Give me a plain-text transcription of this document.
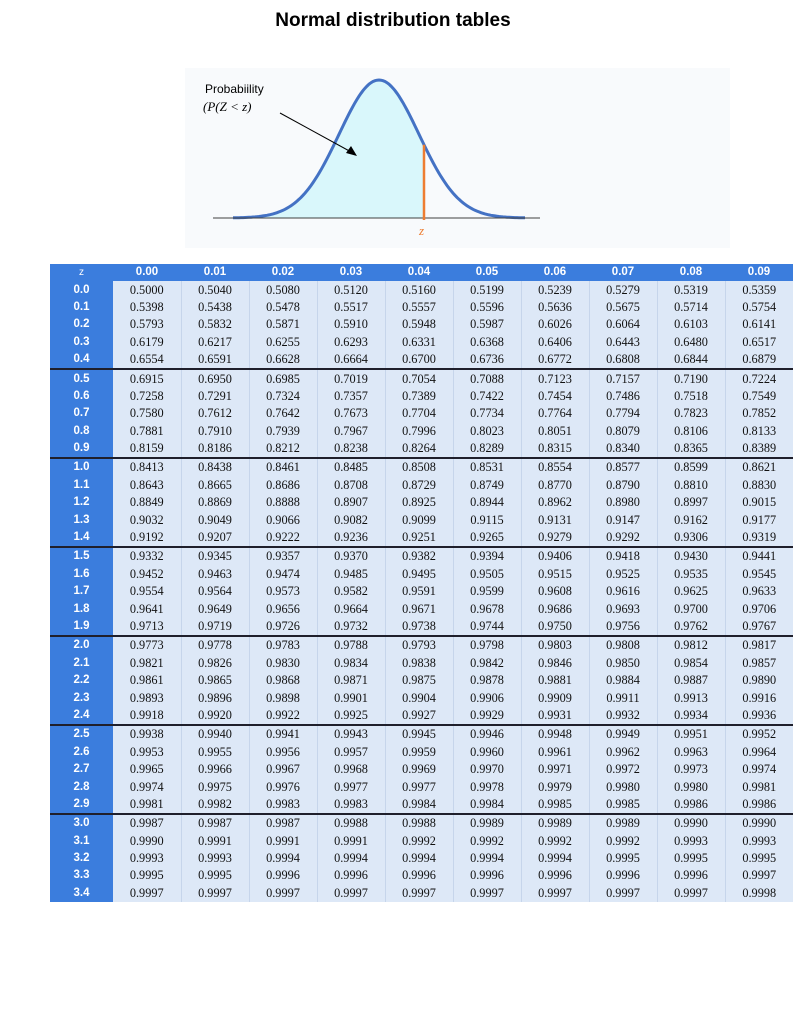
Normal distribution tables
Probabiility
(P(Z < z)
z
z	0.00	0.01	0.02	0.03	0.04	0.05	0.06	0.07	0.08	0.09
0.0	0.5000	0.5040	0.5080	0.5120	0.5160	0.5199	0.5239	0.5279	0.5319	0.5359
0.1	0.5398	0.5438	0.5478	0.5517	0.5557	0.5596	0.5636	0.5675	0.5714	0.5754
0.2	0.5793	0.5832	0.5871	0.5910	0.5948	0.5987	0.6026	0.6064	0.6103	0.6141
0.3	0.6179	0.6217	0.6255	0.6293	0.6331	0.6368	0.6406	0.6443	0.6480	0.6517
0.4	0.6554	0.6591	0.6628	0.6664	0.6700	0.6736	0.6772	0.6808	0.6844	0.6879
0.5	0.6915	0.6950	0.6985	0.7019	0.7054	0.7088	0.7123	0.7157	0.7190	0.7224
0.6	0.7258	0.7291	0.7324	0.7357	0.7389	0.7422	0.7454	0.7486	0.7518	0.7549
0.7	0.7580	0.7612	0.7642	0.7673	0.7704	0.7734	0.7764	0.7794	0.7823	0.7852
0.8	0.7881	0.7910	0.7939	0.7967	0.7996	0.8023	0.8051	0.8079	0.8106	0.8133
0.9	0.8159	0.8186	0.8212	0.8238	0.8264	0.8289	0.8315	0.8340	0.8365	0.8389
1.0	0.8413	0.8438	0.8461	0.8485	0.8508	0.8531	0.8554	0.8577	0.8599	0.8621
1.1	0.8643	0.8665	0.8686	0.8708	0.8729	0.8749	0.8770	0.8790	0.8810	0.8830
1.2	0.8849	0.8869	0.8888	0.8907	0.8925	0.8944	0.8962	0.8980	0.8997	0.9015
1.3	0.9032	0.9049	0.9066	0.9082	0.9099	0.9115	0.9131	0.9147	0.9162	0.9177
1.4	0.9192	0.9207	0.9222	0.9236	0.9251	0.9265	0.9279	0.9292	0.9306	0.9319
1.5	0.9332	0.9345	0.9357	0.9370	0.9382	0.9394	0.9406	0.9418	0.9430	0.9441
1.6	0.9452	0.9463	0.9474	0.9485	0.9495	0.9505	0.9515	0.9525	0.9535	0.9545
1.7	0.9554	0.9564	0.9573	0.9582	0.9591	0.9599	0.9608	0.9616	0.9625	0.9633
1.8	0.9641	0.9649	0.9656	0.9664	0.9671	0.9678	0.9686	0.9693	0.9700	0.9706
1.9	0.9713	0.9719	0.9726	0.9732	0.9738	0.9744	0.9750	0.9756	0.9762	0.9767
2.0	0.9773	0.9778	0.9783	0.9788	0.9793	0.9798	0.9803	0.9808	0.9812	0.9817
2.1	0.9821	0.9826	0.9830	0.9834	0.9838	0.9842	0.9846	0.9850	0.9854	0.9857
2.2	0.9861	0.9865	0.9868	0.9871	0.9875	0.9878	0.9881	0.9884	0.9887	0.9890
2.3	0.9893	0.9896	0.9898	0.9901	0.9904	0.9906	0.9909	0.9911	0.9913	0.9916
2.4	0.9918	0.9920	0.9922	0.9925	0.9927	0.9929	0.9931	0.9932	0.9934	0.9936
2.5	0.9938	0.9940	0.9941	0.9943	0.9945	0.9946	0.9948	0.9949	0.9951	0.9952
2.6	0.9953	0.9955	0.9956	0.9957	0.9959	0.9960	0.9961	0.9962	0.9963	0.9964
2.7	0.9965	0.9966	0.9967	0.9968	0.9969	0.9970	0.9971	0.9972	0.9973	0.9974
2.8	0.9974	0.9975	0.9976	0.9977	0.9977	0.9978	0.9979	0.9980	0.9980	0.9981
2.9	0.9981	0.9982	0.9983	0.9983	0.9984	0.9984	0.9985	0.9985	0.9986	0.9986
3.0	0.9987	0.9987	0.9987	0.9988	0.9988	0.9989	0.9989	0.9989	0.9990	0.9990
3.1	0.9990	0.9991	0.9991	0.9991	0.9992	0.9992	0.9992	0.9992	0.9993	0.9993
3.2	0.9993	0.9993	0.9994	0.9994	0.9994	0.9994	0.9994	0.9995	0.9995	0.9995
3.3	0.9995	0.9995	0.9996	0.9996	0.9996	0.9996	0.9996	0.9996	0.9996	0.9997
3.4	0.9997	0.9997	0.9997	0.9997	0.9997	0.9997	0.9997	0.9997	0.9997	0.9998
